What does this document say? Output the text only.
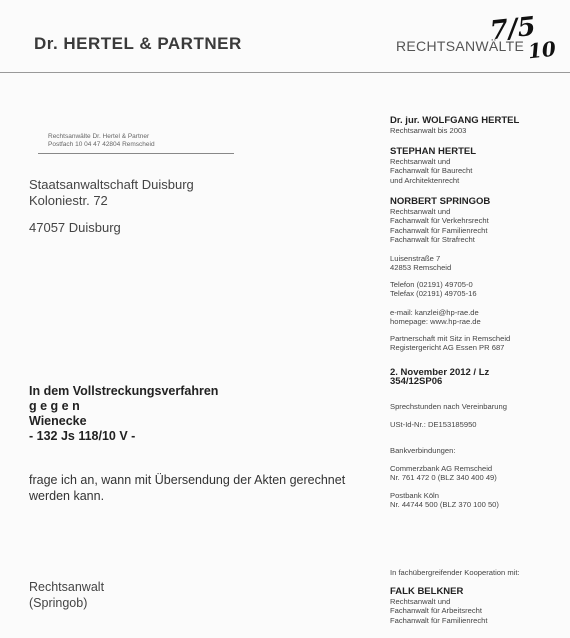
Dr. HERTEL & PARTNER	RECHTSANWÄLTE
7/5
10
Rechtsanwälte Dr. Hertel & Partner
Postfach 10 04 47 42804 Remscheid
Staatsanwaltschaft Duisburg
Koloniestr. 72
47057 Duisburg
In dem Vollstreckungsverfahren
g e g e n
Wienecke
- 132 Js 118/10 V -
frage ich an, wann mit Übersendung der Akten gerechnet
werden kann.
Rechtsanwalt
(Springob)
Dr. jur. WOLFGANG HERTEL
Rechtsanwalt bis 2003
STEPHAN HERTEL
Rechtsanwalt und
Fachanwalt für Baurecht
und Architektenrecht
NORBERT SPRINGOB
Rechtsanwalt und
Fachanwalt für Verkehrsrecht
Fachanwalt für Familienrecht
Fachanwalt für Strafrecht
Luisenstraße 7
42853 Remscheid
Telefon (02191) 49705-0
Telefax (02191) 49705-16
e-mail: kanzlei@hp-rae.de
homepage: www.hp-rae.de
Partnerschaft mit Sitz in Remscheid
Registergericht AG Essen PR 687
2. November 2012 / Lz
354/12SP06
Sprechstunden nach Vereinbarung
USt-Id-Nr.: DE153185950
Bankverbindungen:
Commerzbank AG Remscheid
Nr. 761 472 0 (BLZ 340 400 49)
Postbank Köln
Nr. 44744 500 (BLZ 370 100 50)
In fachübergreifender Kooperation mit:
FALK BELKNER
Rechtsanwalt und
Fachanwalt für Arbeitsrecht
Fachanwalt für Familienrecht
